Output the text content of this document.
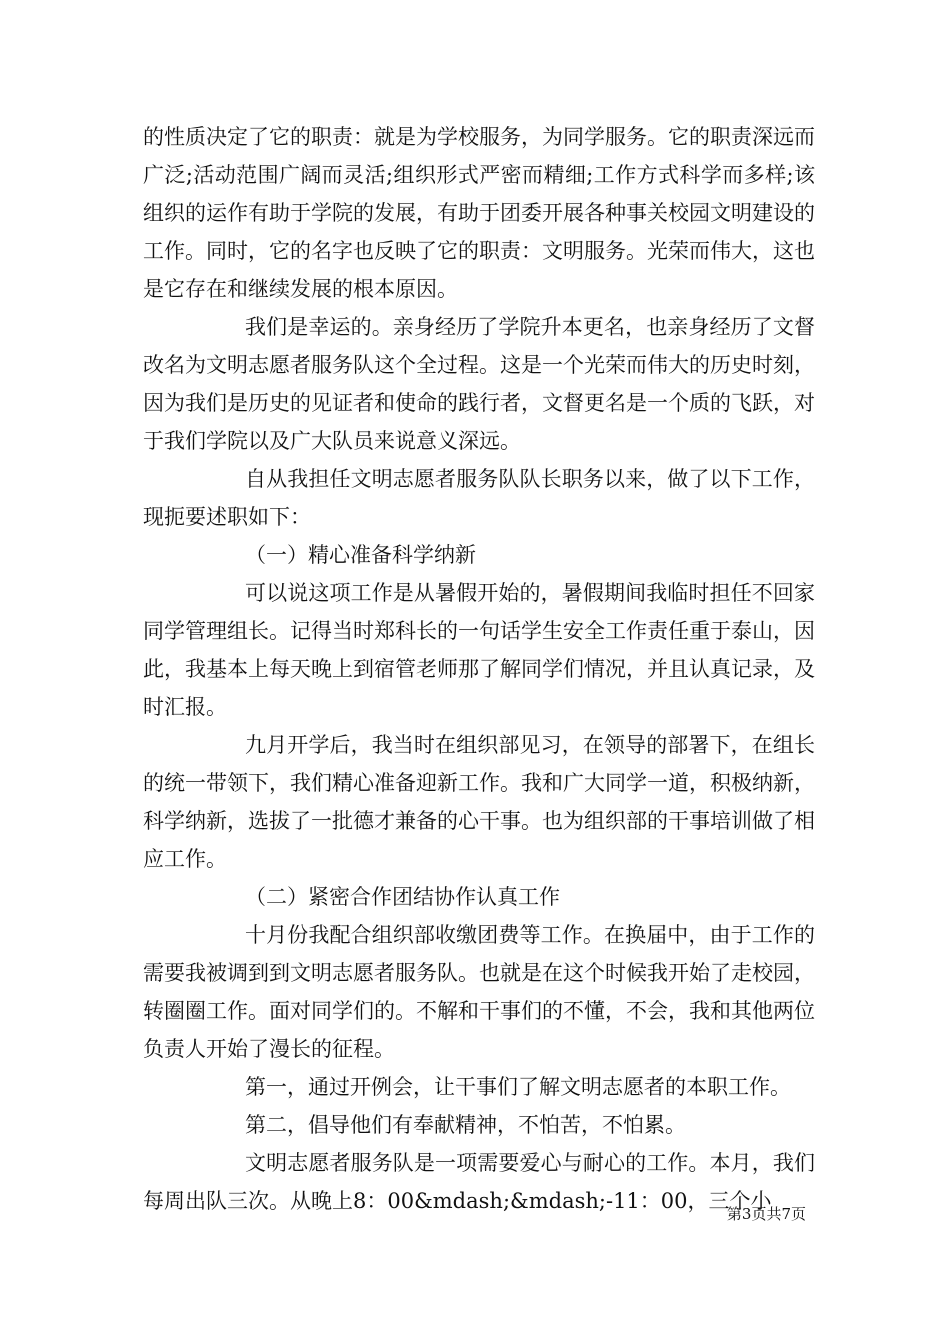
的性质决定了它的职责：就是为学校服务，为同学服务。它的职责深远而广泛;活动范围广阔而灵活;组织形式严密而精细;工作方式科学而多样;该组织的运作有助于学院的发展，有助于团委开展各种事关校园文明建设的工作。同时，它的名字也反映了它的职责：文明服务。光荣而伟大，这也是它存在和继续发展的根本原因。

我们是幸运的。亲身经历了学院升本更名，也亲身经历了文督改名为文明志愿者服务队这个全过程。这是一个光荣而伟大的历史时刻，因为我们是历史的见证者和使命的践行者，文督更名是一个质的飞跃，对于我们学院以及广大队员来说意义深远。

自从我担任文明志愿者服务队队长职务以来，做了以下工作，现扼要述职如下：

（一）精心准备科学纳新

可以说这项工作是从暑假开始的，暑假期间我临时担任不回家同学管理组长。记得当时郑科长的一句话学生安全工作责任重于泰山，因此，我基本上每天晚上到宿管老师那了解同学们情况，并且认真记录，及时汇报。

九月开学后，我当时在组织部见习，在领导的部署下，在组长的统一带领下，我们精心准备迎新工作。我和广大同学一道，积极纳新，科学纳新，选拔了一批德才兼备的心干事。也为组织部的干事培训做了相应工作。

（二）紧密合作团结协作认真工作

十月份我配合组织部收缴团费等工作。在换届中，由于工作的需要我被调到到文明志愿者服务队。也就是在这个时候我开始了走校园，转圈圈工作。面对同学们的。不解和干事们的不懂，不会，我和其他两位负责人开始了漫长的征程。

第一，通过开例会，让干事们了解文明志愿者的本职工作。

第二，倡导他们有奉献精神，不怕苦，不怕累。

文明志愿者服务队是一项需要爱心与耐心的工作。本月，我们每周出队三次。从晚上8：00&mdash;&mdash;-11：00，三个小

第3页共7页
